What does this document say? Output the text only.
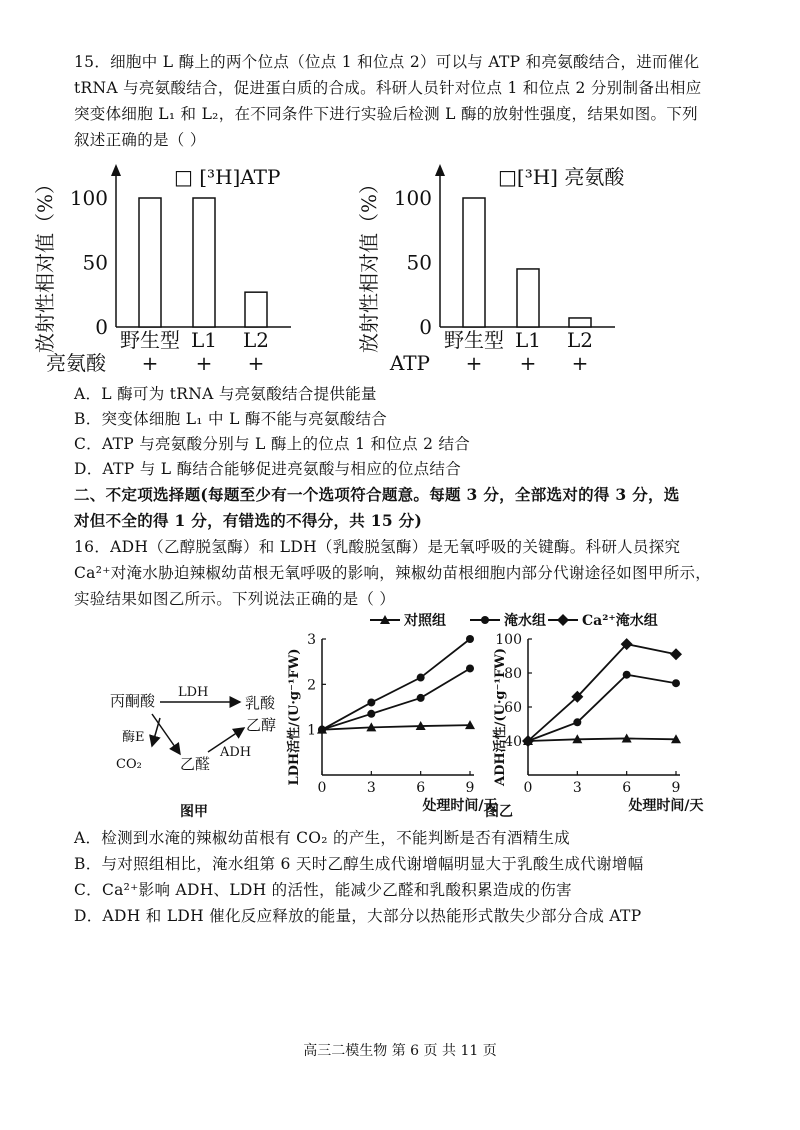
15．细胞中 L 酶上的两个位点（位点 1 和位点 2）可以与 ATP 和亮氨酸结合，进而催化
tRNA 与亮氨酸结合，促进蛋白质的合成。科研人员针对位点 1 和位点 2 分别制备出相应
突变体细胞 L₁ 和 L₂，在不同条件下进行实验后检测 L 酶的放射性强度，结果如图。下列
叙述正确的是（ ）
0
50
100
放射性相对值（%）	野生型 L1 L2
亮氨酸 + + +
□ [³H]ATP
0
50
100
放射性相对值（%）	野生型 L1 L2
ATP + + +
□[³H] 亮氨酸
A．L 酶可为 tRNA 与亮氨酸结合提供能量
B．突变体细胞 L₁ 中 L 酶不能与亮氨酸结合
C．ATP 与亮氨酸分别与 L 酶上的位点 1 和位点 2 结合
D．ATP 与 L 酶结合能够促进亮氨酸与相应的位点结合
二、不定项选择题(每题至少有一个选项符合题意。每题 3 分，全部选对的得 3 分，选
对但不全的得 1 分，有错选的不得分，共 15 分)
16．ADH（乙醇脱氢酶）和 LDH（乳酸脱氢酶）是无氧呼吸的关键酶。科研人员探究
Ca²⁺对淹水胁迫辣椒幼苗根无氧呼吸的影响，辣椒幼苗根细胞内部分代谢途径如图甲所示，
实验结果如图乙所示。下列说法正确的是（ ）
丙酮酸 LDH
乳酸
酶E
CO₂	乙醛
ADH
乙醇
图甲	图乙
对照组	淹水组	Ca²⁺淹水组
1
2
3
0	3	6	9
处理时间/天
LDH活性/(U·g⁻¹FW)	40
60
80
100
0	3	6	9
处理时间/天
ADH活性/(U·g⁻¹FW)
A．检测到水淹的辣椒幼苗根有 CO₂ 的产生，不能判断是否有酒精生成
B．与对照组相比，淹水组第 6 天时乙醇生成代谢增幅明显大于乳酸生成代谢增幅
C．Ca²⁺影响 ADH、LDH 的活性，能减少乙醛和乳酸积累造成的伤害
D．ADH 和 LDH 催化反应释放的能量，大部分以热能形式散失少部分合成 ATP
高三二模生物 第 6 页 共 11 页
